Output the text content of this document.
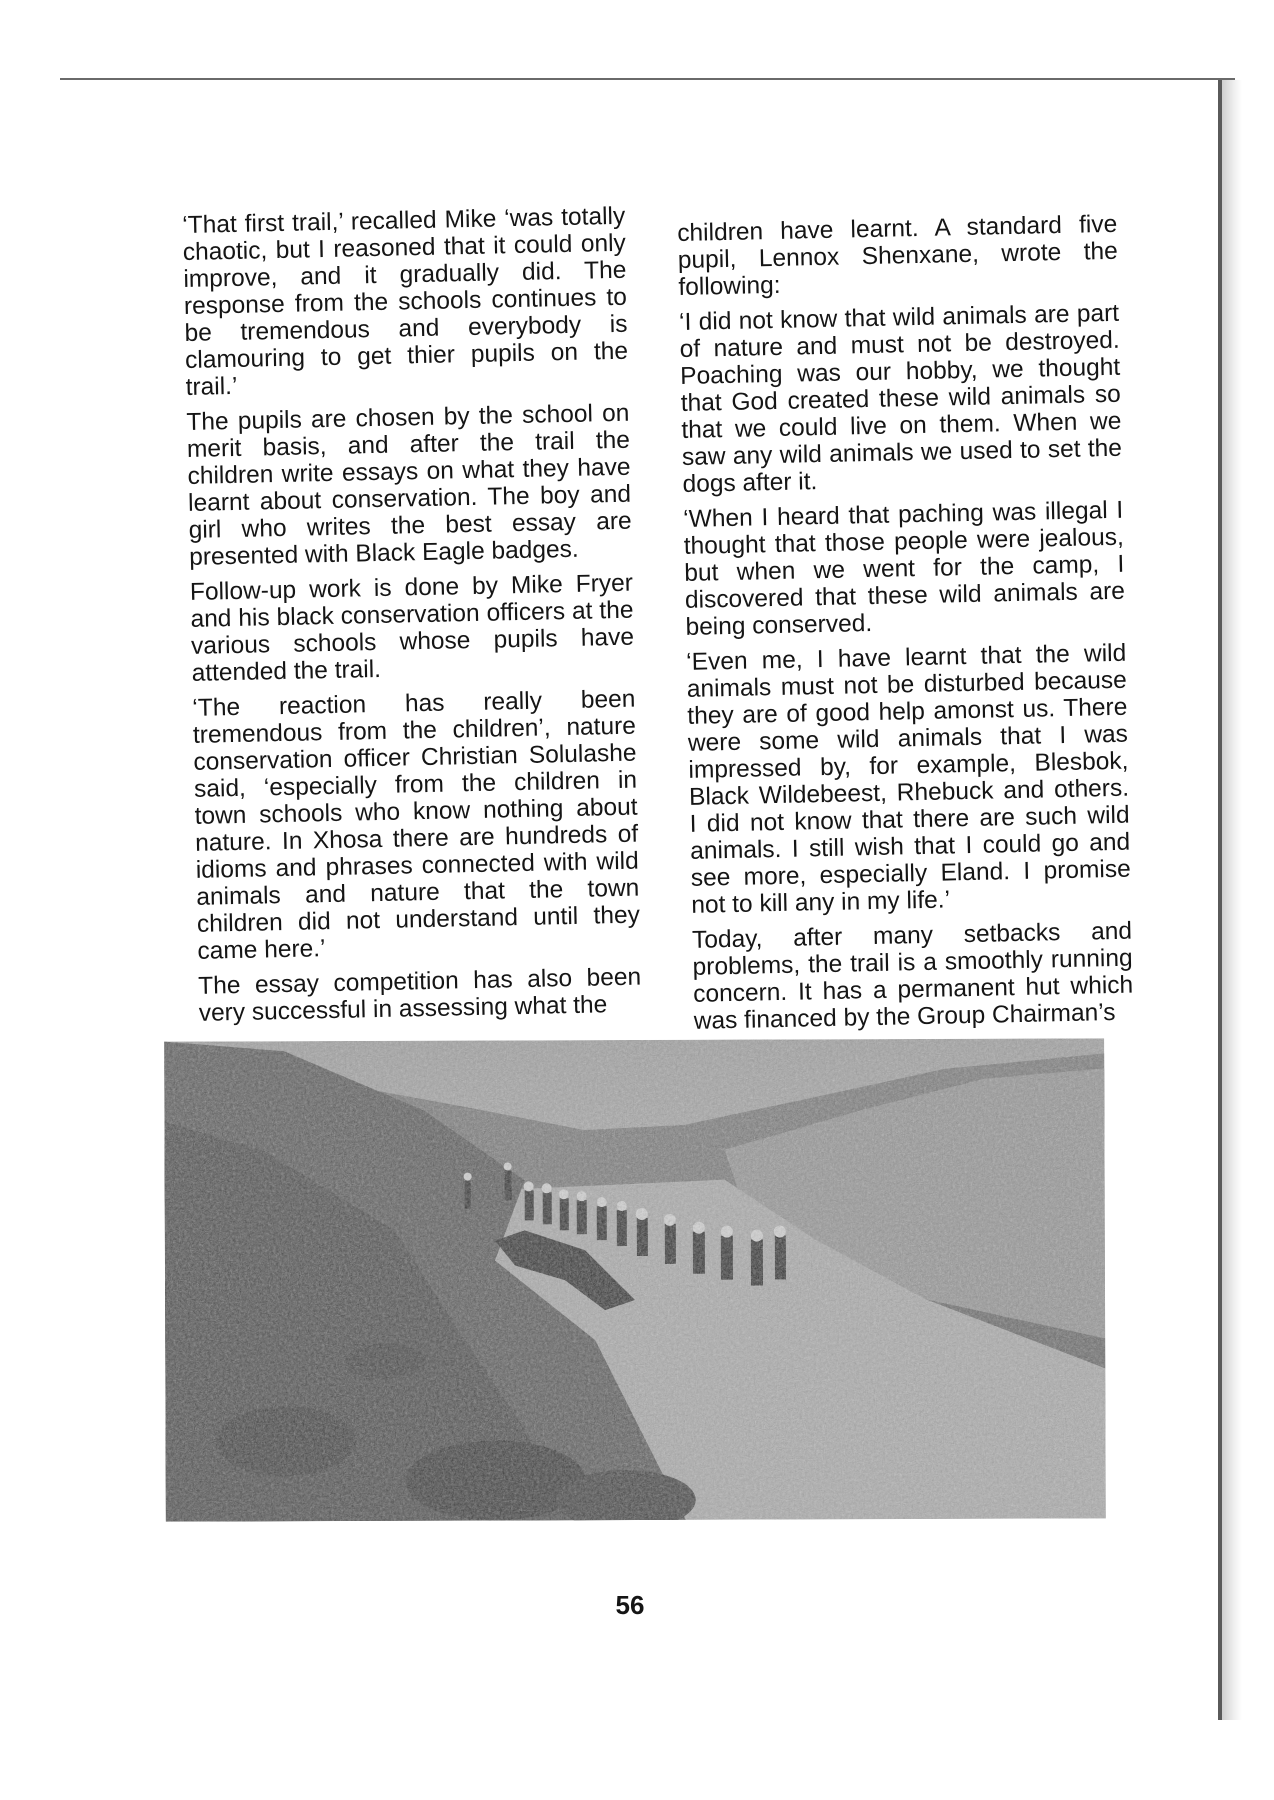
‘That first trail,’ recalled Mike ‘was totally chaotic, but I reasoned that it could only improve, and it gradually did. The response from the schools continues to be tremendous and everybody is clamouring to get thier pupils on the trail.’

The pupils are chosen by the school on merit basis, and after the trail the children write essays on what they have learnt about conservation. The boy and girl who writes the best essay are presented with Black Eagle badges.

Follow-up work is done by Mike Fryer and his black conservation officers at the various schools whose pupils have attended the trail.

‘The reaction has really been tremendous from the children’, nature conservation officer Christian Solulashe said, ‘especially from the children in town schools who know nothing about nature. In Xhosa there are hundreds of idioms and phrases connected with wild animals and nature that the town children did not understand until they came here.’

The essay competition has also been very successful in assessing what the

children have learnt. A standard five pupil, Lennox Shenxane, wrote the following:

‘I did not know that wild animals are part of nature and must not be destroyed. Poaching was our hobby, we thought that God created these wild animals so that we could live on them. When we saw any wild animals we used to set the dogs after it.

‘When I heard that paching was illegal I thought that those people were jealous, but when we went for the camp, I discovered that these wild animals are being conserved.

‘Even me, I have learnt that the wild animals must not be disturbed because they are of good help amonst us. There were some wild animals that I was impressed by, for example, Blesbok, Black Wildebeest, Rhebuck and others. I did not know that there are such wild animals. I still wish that I could go and see more, especially Eland. I promise not to kill any in my life.’

Today, after many setbacks and problems, the trail is a smoothly running concern. It has a permanent hut which was financed by the Group Chairman’s

56
